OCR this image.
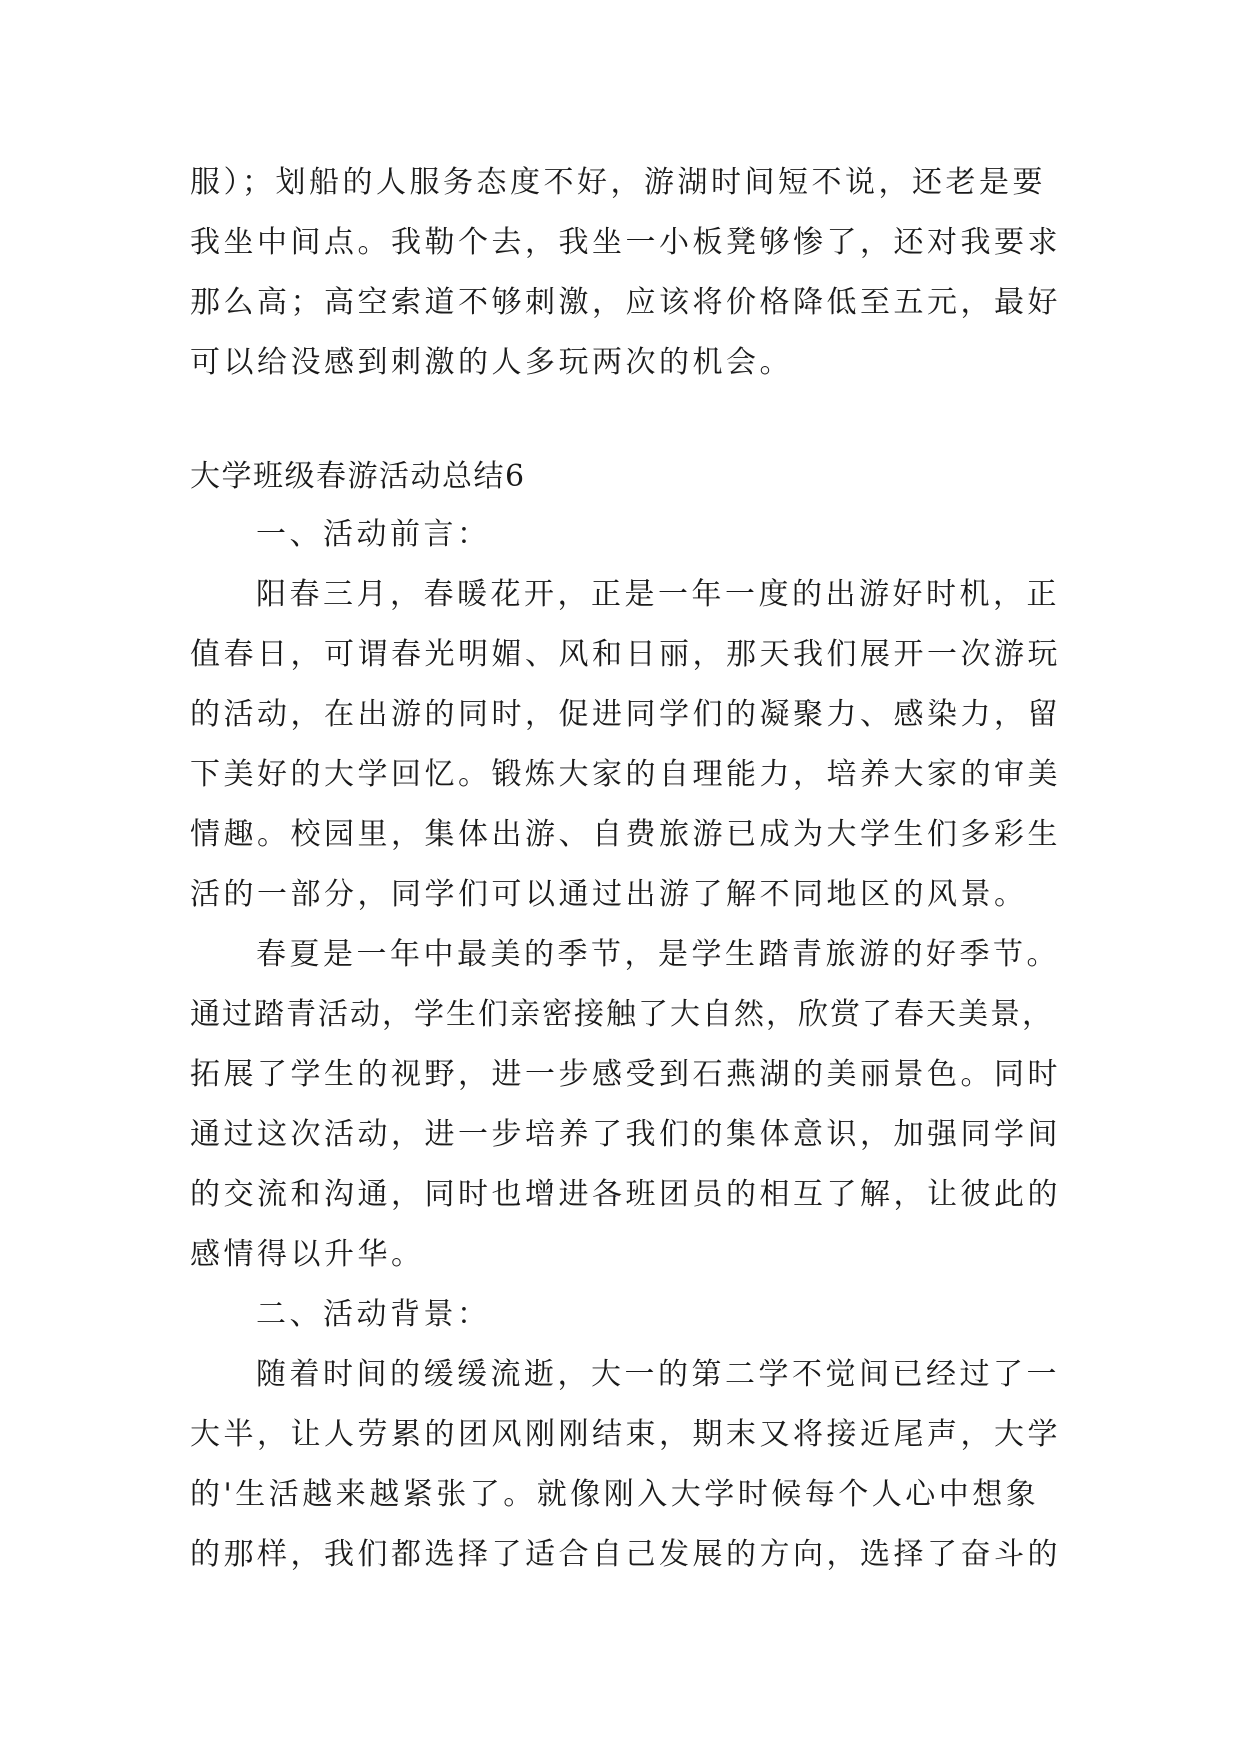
服）；划船的人服务态度不好，游湖时间短不说，还老是要
我坐中间点。我勒个去，我坐一小板凳够惨了，还对我要求
那么高；高空索道不够刺激，应该将价格降低至五元，最好
可以给没感到刺激的人多玩两次的机会。
大学班级春游活动总结6
一、活动前言：
阳春三月，春暖花开，正是一年一度的出游好时机，正
值春日，可谓春光明媚、风和日丽，那天我们展开一次游玩
的活动，在出游的同时，促进同学们的凝聚力、感染力，留
下美好的大学回忆。锻炼大家的自理能力，培养大家的审美
情趣。校园里，集体出游、自费旅游已成为大学生们多彩生
活的一部分，同学们可以通过出游了解不同地区的风景。
春夏是一年中最美的季节，是学生踏青旅游的好季节。
通过踏青活动，学生们亲密接触了大自然，欣赏了春天美景，
拓展了学生的视野，进一步感受到石燕湖的美丽景色。同时
通过这次活动，进一步培养了我们的集体意识，加强同学间
的交流和沟通，同时也增进各班团员的相互了解，让彼此的
感情得以升华。
二、活动背景：
随着时间的缓缓流逝，大一的第二学不觉间已经过了一
大半，让人劳累的团风刚刚结束，期末又将接近尾声，大学
的'生活越来越紧张了。就像刚入大学时候每个人心中想象
的那样，我们都选择了适合自己发展的方向，选择了奋斗的
